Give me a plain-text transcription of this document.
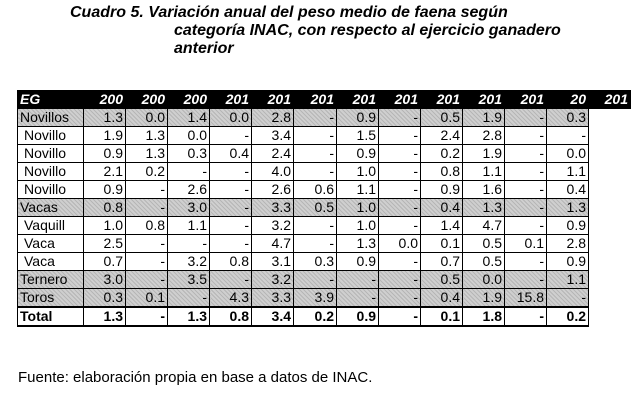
Cuadro 5. Variación anual del peso medio de faena según
categoría INAC, con respecto al ejercicio ganadero
anterior
EG	200	200	200	201	201	201	201	201	201	201	201	20	201
Novillos	1.3	0.0	1.4	0.0	2.8	-	0.9	-	0.5	1.9	-	0.3	
Novillo	1.9	1.3	0.0	-	3.4	-	1.5	-	2.4	2.8	-	-	
Novillo	0.9	1.3	0.3	0.4	2.4	-	0.9	-	0.2	1.9	-	0.0	
Novillo	2.1	0.2	-	-	4.0	-	1.0	-	0.8	1.1	-	1.1	
Novillo	0.9	-	2.6	-	2.6	0.6	1.1	-	0.9	1.6	-	0.4	
Vacas	0.8	-	3.0	-	3.3	0.5	1.0	-	0.4	1.3	-	1.3	
Vaquill	1.0	0.8	1.1	-	3.2	-	1.0	-	1.4	4.7	-	0.9	
Vaca	2.5	-	-	-	4.7	-	1.3	0.0	0.1	0.5	0.1	2.8	
Vaca	0.7	-	3.2	0.8	3.1	0.3	0.9	-	0.7	0.5	-	0.9	
Ternero	3.0	-	3.5	-	3.2	-	-	-	0.5	0.0	-	1.1	
Toros	0.3	0.1	-	4.3	3.3	3.9	-	-	0.4	1.9	15.8	-	
Total	1.3	-	1.3	0.8	3.4	0.2	0.9	-	0.1	1.8	-	0.2	
Fuente: elaboración propia en base a datos de INAC.
